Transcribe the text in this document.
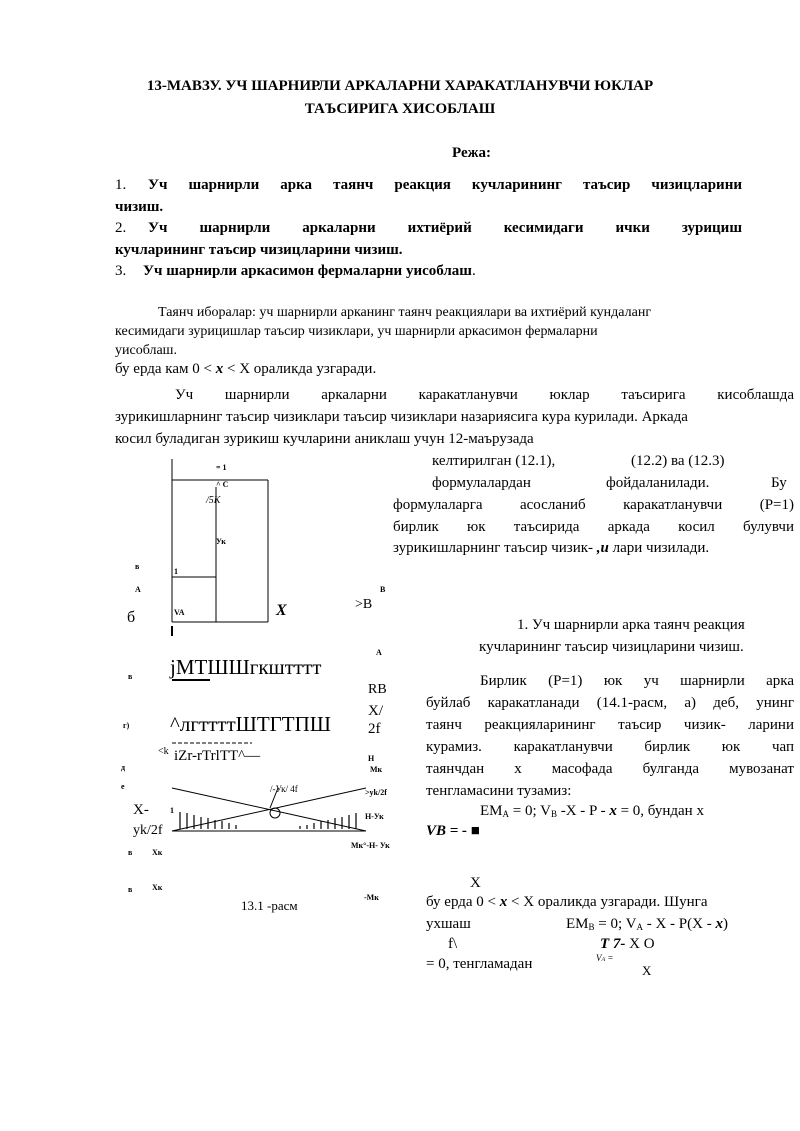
13-МАВЗУ. УЧ ШАРНИРЛИ АРКАЛАРНИ ХАРАКАТЛАНУВЧИ ЮКЛАР
ТАЪСИРИГА ХИСОБЛАШ
Режа:
1. Уч шарнирли арка таянч реакция кучларининг таъсир чизицларини
чизиш.
2. Уч шарнирли аркаларни ихтиёрий кесимидаги ички зурициш
кучларининг таъсир чизицларини чизиш.
3. Уч шарнирли аркасимон фермаларни уисоблаш.
Таянч иборалар: уч шарнирли арканинг таянч реакциялари ва ихтиёрий кундаланг
кесимидаги зурицишлар таъсир чизиклари, уч шарнирли аркасимон фермаларни
уисоблаш.
бу ерда кам 0 < x < X ораликда узгаради.
Уч шарнирли аркаларни каракатланувчи юклар таъсирига кисоблашда
зурикишларнинг таъсир чизиклари таъсир чизиклари назариясига кура курилади. Аркада
косил буладиган зурикиш кучларини аниклаш учун 12-маърузада
келтирилган (12.1),	(12.2) ва (12.3)
формулалардан	фойдаланилади.	Бу
формулаларга асосланиб каракатланувчи (Р=1)
бирлик юк таъсирида аркада косил булувчи
зурикишларнинг таъсир чизик- ,и лари чизилади.
1. Уч шарнирли арка таянч реакция
кучларининг таъсир чизицларини чизиш.
Бирлик (Р=1) юк уч шарнирли арка
буйлаб каракатланади (14.1-расм, а) деб, унинг
таянч реакцияларининг таъсир чизик- ларини
курамиз. каракатланувчи бирлик юк чап
таянчдан х масофада булганда мувозанат
тенгламасини тузамиз:
$EM_A = 0$; $V_B$ -X - P - x = 0, бундан х
VB = - ■
X
бу ерда 0 < x < X ораликда узгаради. Шунга
ухшаш	$EM_B = 0$; $V_A$ - X - P(X - x)
f\	T 7- X О
= 0, тенгламадан	VA =
X
= 1
^ C
/5K
Ук
1
VA	X
б
>B
B
А
в
в
г)
д
е
в
в
А
jМТШШгкштттт
^лгттттШТГТПШ
iZr-rTrlTT^—
<k
RB
X/
2f
Н
Мк
/-Ук/ 4f	>yk/2f
Н-Ук
X-
yk/2f
1
Мк°-Н- Ук
Xк
Xк
-Мк
13.1 -расм
